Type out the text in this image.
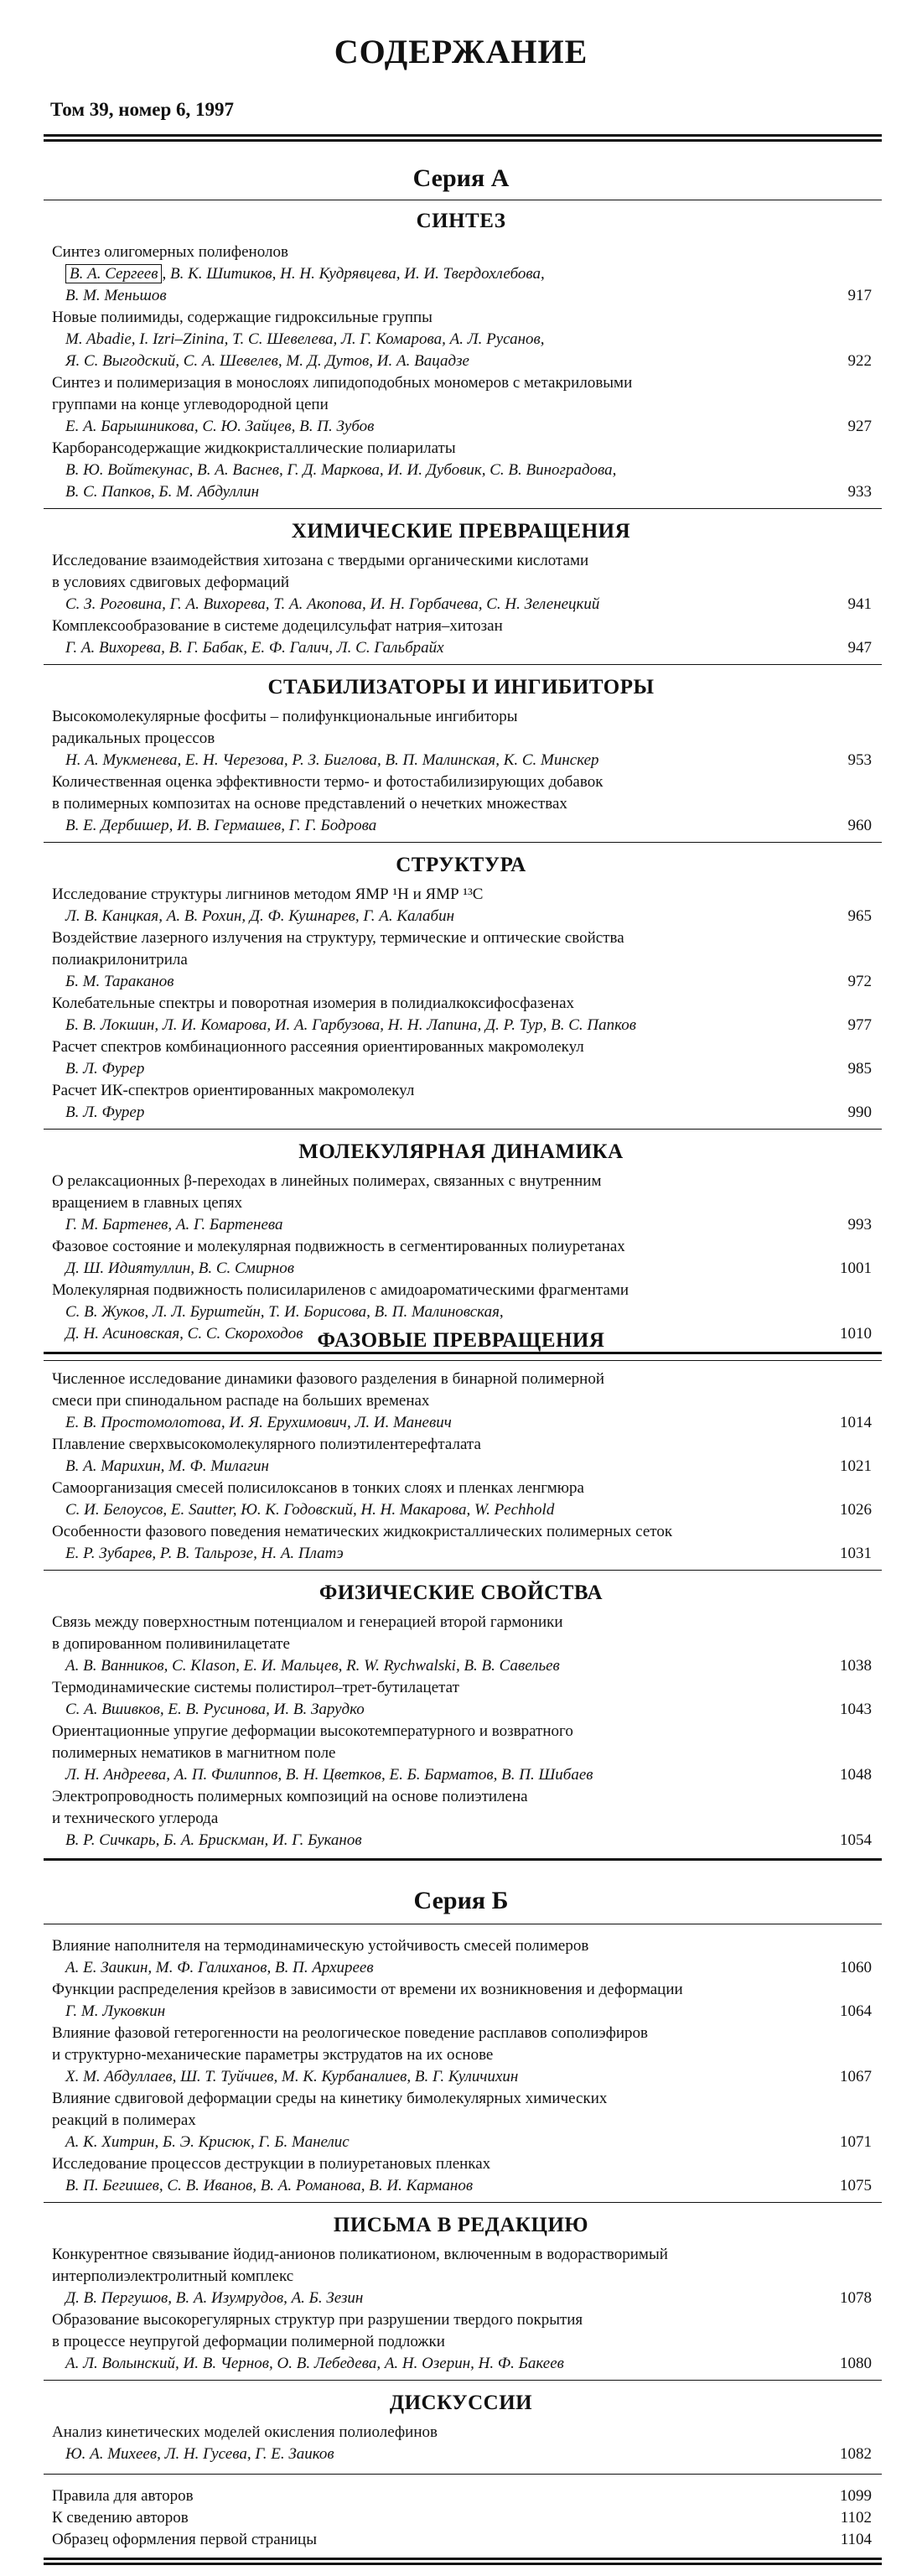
СОДЕРЖАНИЕ
Том 39, номер 6, 1997
Серия А
СИНТЕЗ
Синтез олигомерных полифенолов
В. А. Сергеев , В. К. Шитиков, Н. Н. Кудрявцева, И. И. Твердохлебова,
В. М. Меньшов	917
Новые полиимиды, содержащие гидроксильные группы
M. Abadie, I. Izri–Zinina, Т. С. Шевелева, Л. Г. Комарова, А. Л. Русанов,
Я. С. Выгодский, С. А. Шевелев, М. Д. Дутов, И. А. Вацадзе	922
Синтез и полимеризация в монослоях липидоподобных мономеров с метакриловыми
группами на конце углеводородной цепи
Е. А. Барышникова, С. Ю. Зайцев, В. П. Зубов	927
Карборансодержащие жидкокристаллические полиарилаты
В. Ю. Войтекунас, В. А. Васнев, Г. Д. Маркова, И. И. Дубовик, С. В. Виноградова,
В. С. Папков, Б. М. Абдуллин	933
ХИМИЧЕСКИЕ ПРЕВРАЩЕНИЯ
Исследование взаимодействия хитозана с твердыми органическими кислотами
в условиях сдвиговых деформаций
С. З. Роговина, Г. А. Вихорева, Т. А. Акопова, И. Н. Горбачева, С. Н. Зеленецкий	941
Комплексообразование в системе додецилсульфат натрия–хитозан
Г. А. Вихорева, В. Г. Бабак, Е. Ф. Галич, Л. С. Гальбрайх	947
СТАБИЛИЗАТОРЫ И ИНГИБИТОРЫ
Высокомолекулярные фосфиты – полифункциональные ингибиторы
радикальных процессов
Н. А. Мукменева, Е. Н. Черезова, Р. З. Биглова, В. П. Малинская, К. С. Минскер	953
Количественная оценка эффективности термо- и фотостабилизирующих добавок
в полимерных композитах на основе представлений о нечетких множествах
В. Е. Дербишер, И. В. Гермашев, Г. Г. Бодрова	960
СТРУКТУРА
Исследование структуры лигнинов методом ЯМР ¹H и ЯМР ¹³C
Л. В. Канцкая, А. В. Рохин, Д. Ф. Кушнарев, Г. А. Калабин	965
Воздействие лазерного излучения на структуру, термические и оптические свойства
полиакрилонитрила
Б. М. Тараканов	972
Колебательные спектры и поворотная изомерия в полидиалкоксифосфазенах
Б. В. Локшин, Л. И. Комарова, И. А. Гарбузова, Н. Н. Лапина, Д. Р. Тур, В. С. Папков	977
Расчет спектров комбинационного рассеяния ориентированных макромолекул
В. Л. Фурер	985
Расчет ИК-спектров ориентированных макромолекул
В. Л. Фурер	990
МОЛЕКУЛЯРНАЯ ДИНАМИКА
О релаксационных β-переходах в линейных полимерах, связанных с внутренним
вращением в главных цепях
Г. М. Бартенев, А. Г. Бартенева	993
Фазовое состояние и молекулярная подвижность в сегментированных полиуретанах
Д. Ш. Идиятуллин, В. С. Смирнов	1001
Молекулярная подвижность полисилариленов с амидоароматическими фрагментами
С. В. Жуков, Л. Л. Бурштейн, Т. И. Борисова, В. П. Малиновская,
Д. Н. Асиновская, С. С. Скороходов	1010
ФАЗОВЫЕ ПРЕВРАЩЕНИЯ
Численное исследование динамики фазового разделения в бинарной полимерной
смеси при спинодальном распаде на больших временах
Е. В. Простомолотова, И. Я. Ерухимович, Л. И. Маневич	1014
Плавление сверхвысокомолекулярного полиэтилентерефталата
В. А. Марихин, М. Ф. Милагин	1021
Самоорганизация смесей полисилоксанов в тонких слоях и пленках ленгмюра
С. И. Белоусов, E. Sautter, Ю. К. Годовский, Н. Н. Макарова, W. Pechhold	1026
Особенности фазового поведения нематических жидкокристаллических полимерных сеток
Е. Р. Зубарев, Р. В. Тальрозе, Н. А. Платэ	1031
ФИЗИЧЕСКИЕ СВОЙСТВА
Связь между поверхностным потенциалом и генерацией второй гармоники
в допированном поливинилацетате
А. В. Ванников, C. Klason, Е. И. Мальцев, R. W. Rychwalski, В. В. Савельев	1038
Термодинамические системы полистирол–трет-бутилацетат
С. А. Вшивков, Е. В. Русинова, И. В. Зарудко	1043
Ориентационные упругие деформации высокотемпературного и возвратного
полимерных нематиков в магнитном поле
Л. Н. Андреева, А. П. Филиппов, В. Н. Цветков, Е. Б. Барматов, В. П. Шибаев	1048
Электропроводность полимерных композиций на основе полиэтилена
и технического углерода
В. Р. Сичкарь, Б. А. Брискман, И. Г. Буканов	1054
Серия Б
Влияние наполнителя на термодинамическую устойчивость смесей полимеров
А. Е. Заикин, М. Ф. Галиханов, В. П. Архиреев	1060
Функции распределения крейзов в зависимости от времени их возникновения и деформации
Г. М. Луковкин	1064
Влияние фазовой гетерогенности на реологическое поведение расплавов сополиэфиров
и структурно-механические параметры экструдатов на их основе
Х. М. Абдуллаев, Ш. Т. Туйчиев, М. К. Курбаналиев, В. Г. Куличихин	1067
Влияние сдвиговой деформации среды на кинетику бимолекулярных химических
реакций в полимерах
А. К. Хитрин, Б. Э. Крисюк, Г. Б. Манелис	1071
Исследование процессов деструкции в полиуретановых пленках
В. П. Бегишев, С. В. Иванов, В. А. Романова, В. И. Карманов	1075
ПИСЬМА В РЕДАКЦИЮ
Конкурентное связывание йодид-анионов поликатионом, включенным в водорастворимый
интерполиэлектролитный комплекс
Д. В. Пергушов, В. А. Изумрудов, А. Б. Зезин	1078
Образование высокорегулярных структур при разрушении твердого покрытия
в процессе неупругой деформации полимерной подложки
А. Л. Волынский, И. В. Чернов, О. В. Лебедева, А. Н. Озерин, Н. Ф. Бакеев	1080
ДИСКУССИИ
Анализ кинетических моделей окисления полиолефинов
Ю. А. Михеев, Л. Н. Гусева, Г. Е. Заиков	1082
Правила для авторов	1099
К сведению авторов	1102
Образец оформления первой страницы	1104
